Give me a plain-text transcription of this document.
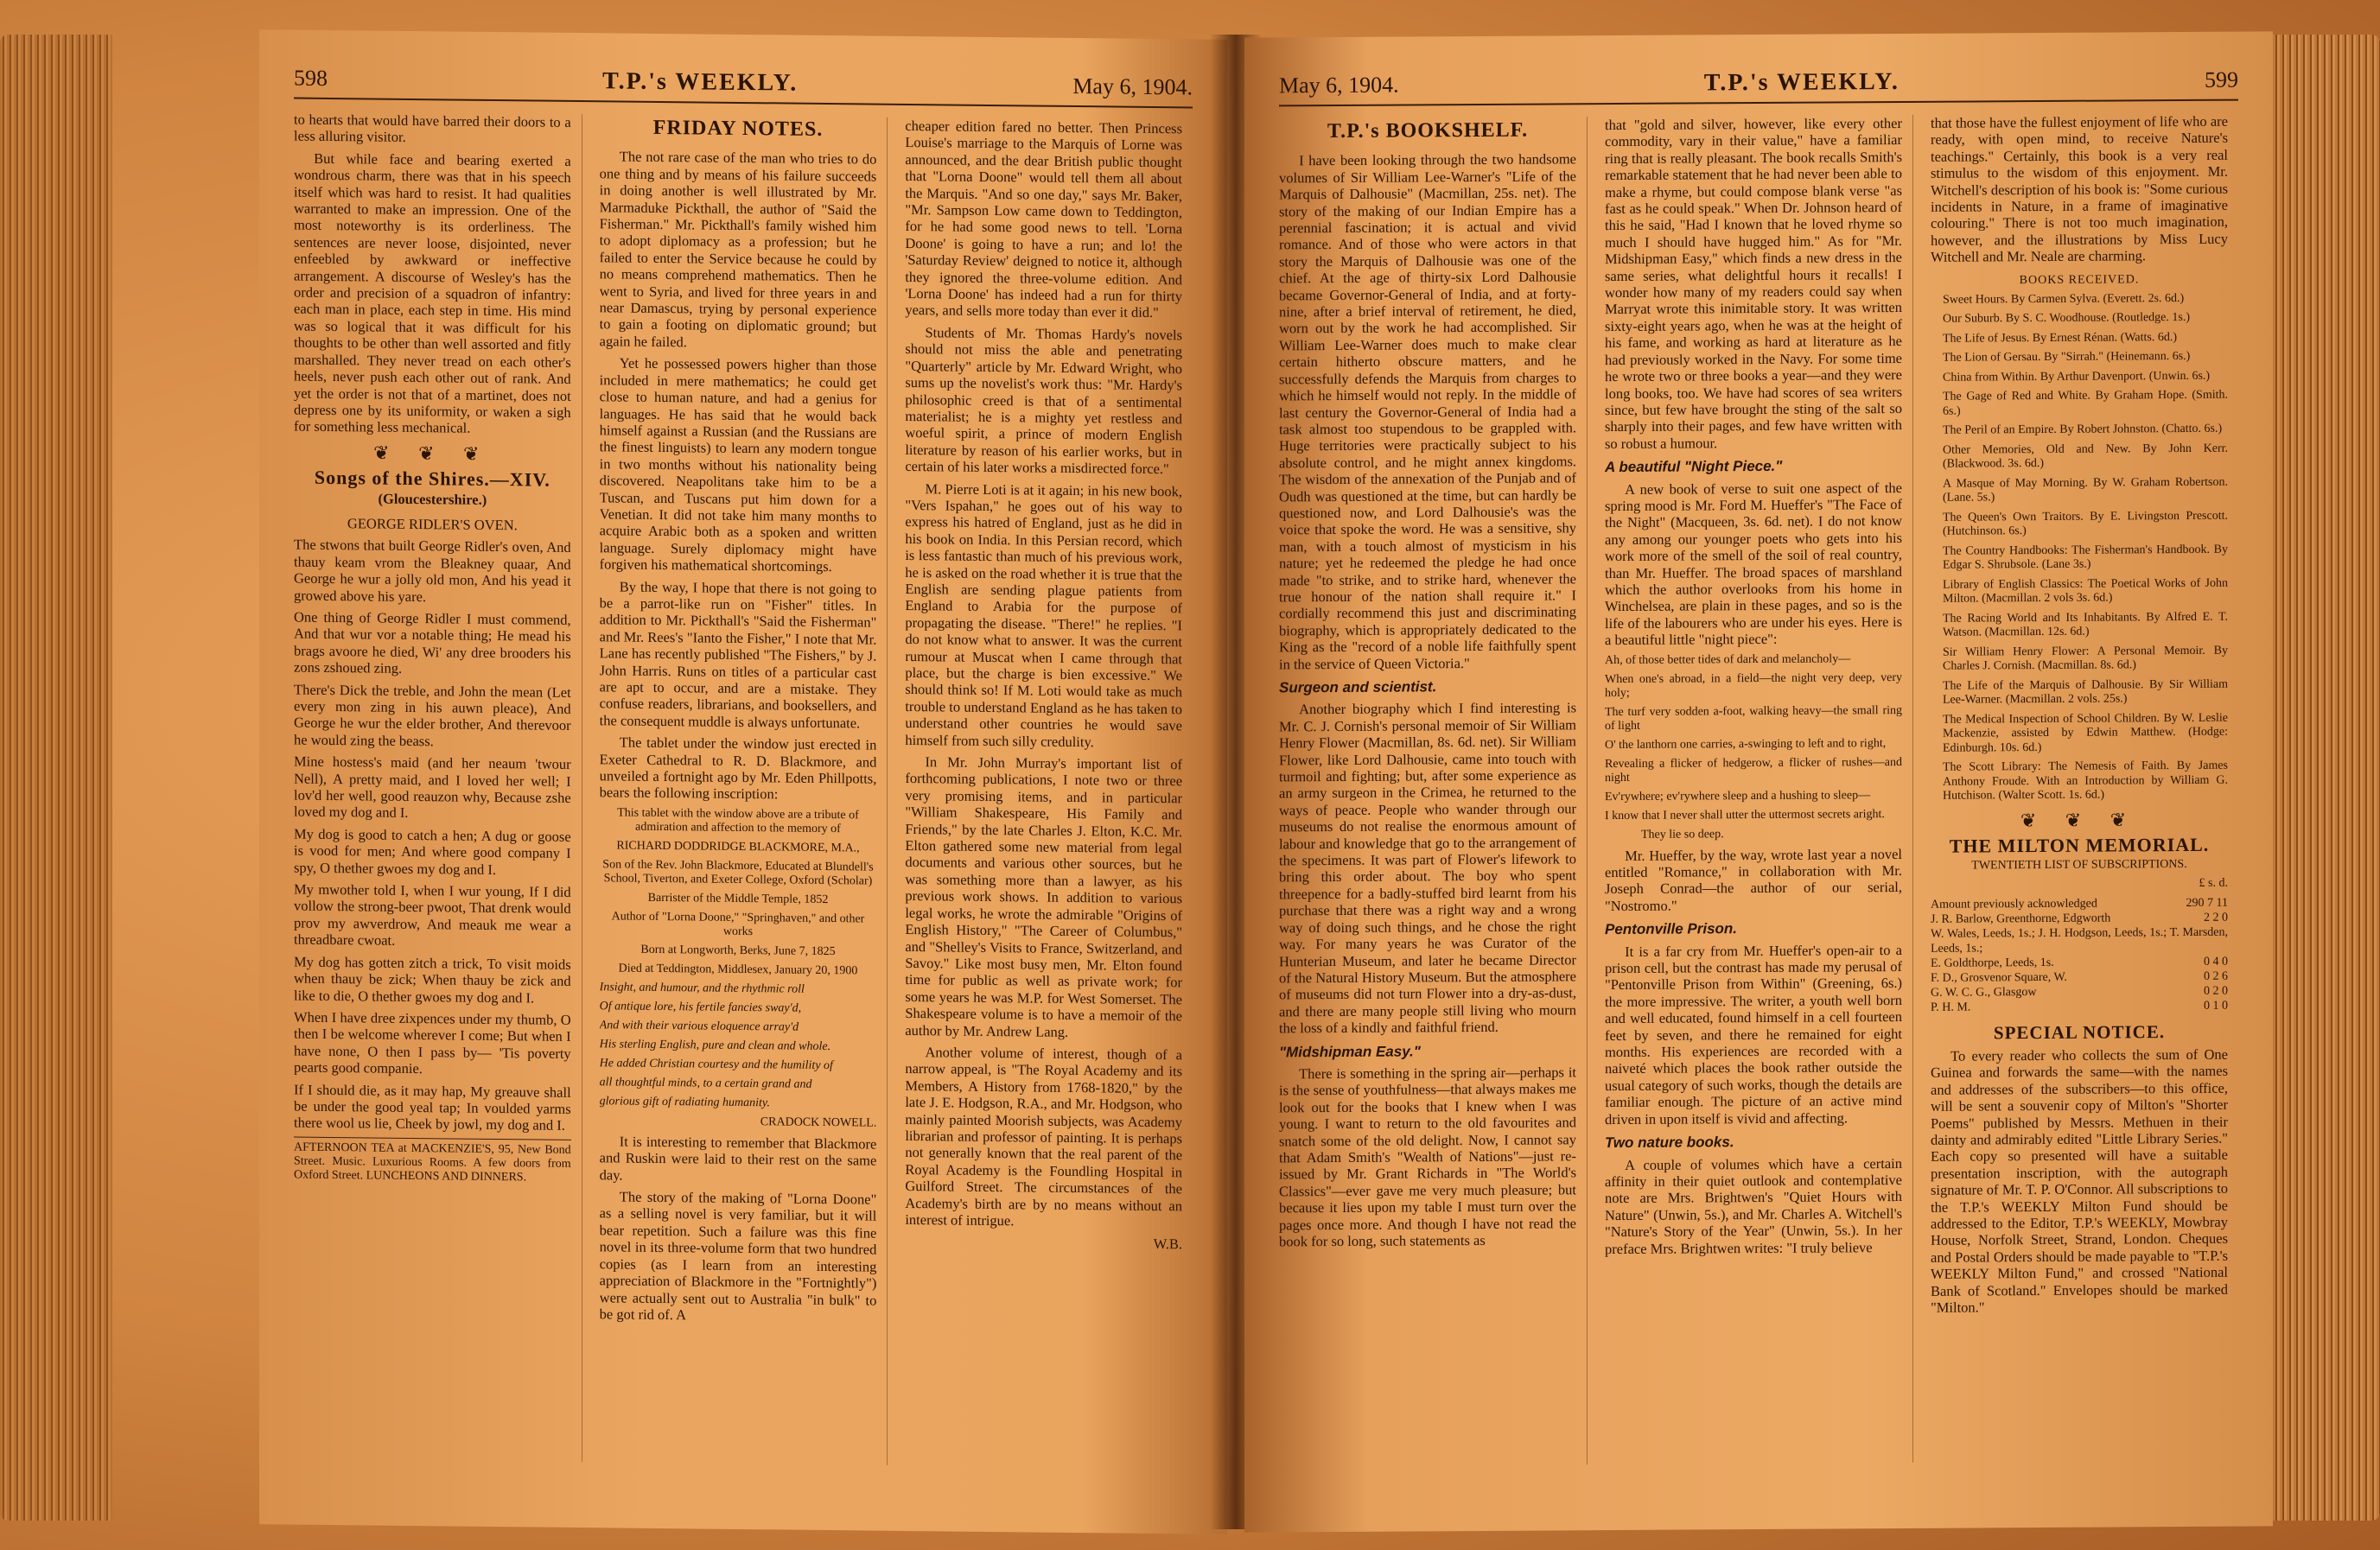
598	T.P.'s WEEKLY.	May 6, 1904.

to hearts that would have barred their doors to a less alluring visitor.

But while face and bearing exerted a wondrous charm, there was that in his speech itself which was hard to resist. It had qualities warranted to make an impression. One of the most noteworthy is its orderliness. The sentences are never loose, disjointed, never enfeebled by awkward or ineffective arrangement. A discourse of Wesley's has the order and precision of a squadron of infantry: each man in place, each step in time. His mind was so logical that it was difficult for his thoughts to be other than well assorted and fitly marshalled. They never tread on each other's heels, never push each other out of rank. And yet the order is not that of a martinet, does not depress one by its uniformity, or waken a sigh for something less mechanical.

❦ ❦ ❦
Songs of the Shires.—XIV.

(Gloucestershire.)

GEORGE RIDLER'S OVEN.

The stwons that built George Ridler's oven, And thauy keam vrom the Bleakney quaar, And George he wur a jolly old mon, And his yead it growed above his yare.

One thing of George Ridler I must commend, And that wur vor a notable thing; He mead his brags avoore he died, Wi' any dree brooders his zons zshoued zing.

There's Dick the treble, and John the mean (Let every mon zing in his auwn pleace), And George he wur the elder brother, And therevoor he would zing the beass.

Mine hostess's maid (and her neaum 'twour Nell), A pretty maid, and I loved her well; I lov'd her well, good reauzon why, Because zshe loved my dog and I.

My dog is good to catch a hen; A dug or goose is vood for men; And where good company I spy, O thether gwoes my dog and I.

My mwother told I, when I wur young, If I did vollow the strong-beer pwoot, That drenk would prov my awverdrow, And meauk me wear a threadbare cwoat.

My dog has gotten zitch a trick, To visit moids when thauy be zick; When thauy be zick and like to die, O thether gwoes my dog and I.

When I have dree zixpences under my thumb, O then I be welcome wherever I come; But when I have none, O then I pass by— 'Tis poverty pearts good companie.

If I should die, as it may hap, My greauve shall be under the good yeal tap; In voulded yarms there wool us lie, Cheek by jowl, my dog and I.

AFTERNOON TEA at MACKENZIE'S, 95, New Bond Street. Music. Luxurious Rooms. A few doors from Oxford Street. LUNCHEONS AND DINNERS.

FRIDAY NOTES.

The not rare case of the man who tries to do one thing and by means of his failure succeeds in doing another is well illustrated by Mr. Marmaduke Pickthall, the author of "Said the Fisherman." Mr. Pickthall's family wished him to adopt diplomacy as a profession; but he failed to enter the Service because he could by no means comprehend mathematics. Then he went to Syria, and lived for three years in and near Damascus, trying by personal experience to gain a footing on diplomatic ground; but again he failed.

Yet he possessed powers higher than those included in mere mathematics; he could get close to human nature, and had a genius for languages. He has said that he would back himself against a Russian (and the Russians are the finest linguists) to learn any modern tongue in two months without his nationality being discovered. Neapolitans take him to be a Tuscan, and Tuscans put him down for a Venetian. It did not take him many months to acquire Arabic both as a spoken and written language. Surely diplomacy might have forgiven his mathematical shortcomings.

By the way, I hope that there is not going to be a parrot-like run on "Fisher" titles. In addition to Mr. Pickthall's "Said the Fisherman" and Mr. Rees's "Ianto the Fisher," I note that Mr. Lane has recently published "The Fishers," by J. John Harris. Runs on titles of a particular cast are apt to occur, and are a mistake. They confuse readers, librarians, and booksellers, and the consequent muddle is always unfortunate.

The tablet under the window just erected in Exeter Cathedral to R. D. Blackmore, and unveiled a fortnight ago by Mr. Eden Phillpotts, bears the following inscription:

This tablet with the window above are a tribute of admiration and affection to the memory of

RICHARD DODDRIDGE BLACKMORE, M.A.,

Son of the Rev. John Blackmore, Educated at Blundell's School, Tiverton, and Exeter College, Oxford (Scholar)

Barrister of the Middle Temple, 1852

Author of "Lorna Doone," "Springhaven," and other works

Born at Longworth, Berks, June 7, 1825

Died at Teddington, Middlesex, January 20, 1900

Insight, and humour, and the rhythmic roll

Of antique lore, his fertile fancies sway'd,

And with their various eloquence array'd

His sterling English, pure and clean and whole.

He added Christian courtesy and the humility of

all thoughtful minds, to a certain grand and

glorious gift of radiating humanity.

CRADOCK NOWELL.

It is interesting to remember that Blackmore and Ruskin were laid to their rest on the same day.

The story of the making of "Lorna Doone" as a selling novel is very familiar, but it will bear repetition. Such a failure was this fine novel in its three-volume form that two hundred copies (as I learn from an interesting appreciation of Blackmore in the "Fortnightly") were actually sent out to Australia "in bulk" to be got rid of. A

cheaper edition fared no better. Then Princess Louise's marriage to the Marquis of Lorne was announced, and the dear British public thought that "Lorna Doone" would tell them all about the Marquis. "And so one day," says Mr. Baker, "Mr. Sampson Low came down to Teddington, for he had some good news to tell. 'Lorna Doone' is going to have a run; and lo! the 'Saturday Review' deigned to notice it, although they ignored the three-volume edition. And 'Lorna Doone' has indeed had a run for thirty years, and sells more today than ever it did."

Students of Mr. Thomas Hardy's novels should not miss the able and penetrating "Quarterly" article by Mr. Edward Wright, who sums up the novelist's work thus: "Mr. Hardy's philosophic creed is that of a sentimental materialist; he is a mighty yet restless and woeful spirit, a prince of modern English literature by reason of his earlier works, but in certain of his later works a misdirected force."

M. Pierre Loti is at it again; in his new book, "Vers Ispahan," he goes out of his way to express his hatred of England, just as he did in his book on India. In this Persian record, which is less fantastic than much of his previous work, he is asked on the road whether it is true that the English are sending plague patients from England to Arabia for the purpose of propagating the disease. "There!" he replies. "I do not know what to answer. It was the current rumour at Muscat when I came through that place, but the charge is bien excessive." We should think so! If M. Loti would take as much trouble to understand England as he has taken to understand other countries he would save himself from such silly credulity.

In Mr. John Murray's important list of forthcoming publications, I note two or three very promising items, and in particular "William Shakespeare, His Family and Friends," by the late Charles J. Elton, K.C. Mr. Elton gathered some new material from legal documents and various other sources, but he was something more than a lawyer, as his previous work shows. In addition to various legal works, he wrote the admirable "Origins of English History," "The Career of Columbus," and "Shelley's Visits to France, Switzerland, and Savoy." Like most busy men, Mr. Elton found time for public as well as private work; for some years he was M.P. for West Somerset. The Shakespeare volume is to have a memoir of the author by Mr. Andrew Lang.

Another volume of interest, though of a narrow appeal, is "The Royal Academy and its Members, A History from 1768-1820," by the late J. E. Hodgson, R.A., and Mr. Hodgson, who mainly painted Moorish subjects, was Academy librarian and professor of painting. It is perhaps not generally known that the real parent of the Royal Academy is the Foundling Hospital in Guilford Street. The circumstances of the Academy's birth are by no means without an interest of intrigue.

W.B.

May 6, 1904.	T.P.'s WEEKLY.	599
T.P.'s BOOKSHELF.

I have been looking through the two handsome volumes of Sir William Lee-Warner's "Life of the Marquis of Dalhousie" (Macmillan, 25s. net). The story of the making of our Indian Empire has a perennial fascination; it is actual and vivid romance. And of those who were actors in that story the Marquis of Dalhousie was one of the chief. At the age of thirty-six Lord Dalhousie became Governor-General of India, and at forty-nine, after a brief interval of retirement, he died, worn out by the work he had accomplished. Sir William Lee-Warner does much to make clear certain hitherto obscure matters, and he successfully defends the Marquis from charges to which he himself would not reply. In the middle of last century the Governor-General of India had a task almost too stupendous to be grappled with. Huge territories were practically subject to his absolute control, and he might annex kingdoms. The wisdom of the annexation of the Punjab and of Oudh was questioned at the time, but can hardly be questioned now, and Lord Dalhousie's was the voice that spoke the word. He was a sensitive, shy man, with a touch almost of mysticism in his nature; yet he redeemed the pledge he had once made "to strike, and to strike hard, whenever the true honour of the nation shall require it." I cordially recommend this just and discriminating biography, which is appropriately dedicated to the King as the "record of a noble life faithfully spent in the service of Queen Victoria."

Surgeon and scientist.

Another biography which I find interesting is Mr. C. J. Cornish's personal memoir of Sir William Henry Flower (Macmillan, 8s. 6d. net). Sir William Flower, like Lord Dalhousie, came into touch with turmoil and fighting; but, after some experience as an army surgeon in the Crimea, he returned to the ways of peace. People who wander through our museums do not realise the enormous amount of labour and knowledge that go to the arrangement of the specimens. It was part of Flower's lifework to bring this order about. The boy who spent threepence for a badly-stuffed bird learnt from his purchase that there was a right way and a wrong way of doing such things, and he chose the right way. For many years he was Curator of the Hunterian Museum, and later he became Director of the Natural History Museum. But the atmosphere of museums did not turn Flower into a dry-as-dust, and there are many people still living who mourn the loss of a kindly and faithful friend.

"Midshipman Easy."

There is something in the spring air—perhaps it is the sense of youthfulness—that always makes me look out for the books that I knew when I was young. I want to return to the old favourites and snatch some of the old delight. Now, I cannot say that Adam Smith's "Wealth of Nations"—just re-issued by Mr. Grant Richards in "The World's Classics"—ever gave me very much pleasure; but because it lies upon my table I must turn over the pages once more. And though I have not read the book for so long, such statements as

that "gold and silver, however, like every other commodity, vary in their value," have a familiar ring that is really pleasant. The book recalls Smith's remarkable statement that he had never been able to make a rhyme, but could compose blank verse "as fast as he could speak." When Dr. Johnson heard of this he said, "Had I known that he loved rhyme so much I should have hugged him." As for "Mr. Midshipman Easy," which finds a new dress in the same series, what delightful hours it recalls! I wonder how many of my readers could say when Marryat wrote this inimitable story. It was written sixty-eight years ago, when he was at the height of his fame, and working as hard at literature as he had previously worked in the Navy. For some time he wrote two or three books a year—and they were long books, too. We have had scores of sea writers since, but few have brought the sting of the salt so sharply into their pages, and few have written with so robust a humour.

A beautiful "Night Piece."

A new book of verse to suit one aspect of the spring mood is Mr. Ford M. Hueffer's "The Face of the Night" (Macqueen, 3s. 6d. net). I do not know any among our younger poets who gets into his work more of the smell of the soil of real country, than Mr. Hueffer. The broad spaces of marshland which the author overlooks from his home in Winchelsea, are plain in these pages, and so is the life of the labourers who are under his eyes. Here is a beautiful little "night piece":

Ah, of those better tides of dark and melancholy—

When one's abroad, in a field—the night very deep, very holy;

The turf very sodden a-foot, walking heavy—the small ring of light

O' the lanthorn one carries, a-swinging to left and to right,

Revealing a flicker of hedgerow, a flicker of rushes—and night

Ev'rywhere; ev'rywhere sleep and a hushing to sleep—

I know that I never shall utter the uttermost secrets aright.

They lie so deep.

Mr. Hueffer, by the way, wrote last year a novel entitled "Romance," in collaboration with Mr. Joseph Conrad—the author of our serial, "Nostromo."

Pentonville Prison.

It is a far cry from Mr. Hueffer's open-air to a prison cell, but the contrast has made my perusal of "Pentonville Prison from Within" (Greening, 6s.) the more impressive. The writer, a youth well born and well educated, found himself in a cell fourteen feet by seven, and there he remained for eight months. His experiences are recorded with a naiveté which places the book rather outside the usual category of such works, though the details are familiar enough. The picture of an active mind driven in upon itself is vivid and affecting.

Two nature books.

A couple of volumes which have a certain affinity in their quiet outlook and contemplative note are Mrs. Brightwen's "Quiet Hours with Nature" (Unwin, 5s.), and Mr. Charles A. Witchell's "Nature's Story of the Year" (Unwin, 5s.). In her preface Mrs. Brightwen writes: "I truly believe

that those have the fullest enjoyment of life who are ready, with open mind, to receive Nature's teachings." Certainly, this book is a very real stimulus to the wisdom of this enjoyment. Mr. Witchell's description of his book is: "Some curious incidents in Nature, in a frame of imaginative colouring." There is not too much imagination, however, and the illustrations by Miss Lucy Witchell and Mr. Neale are charming.

BOOKS RECEIVED.

Sweet Hours. By Carmen Sylva. (Everett. 2s. 6d.)

Our Suburb. By S. C. Woodhouse. (Routledge. 1s.)

The Life of Jesus. By Ernest Rénan. (Watts. 6d.)

The Lion of Gersau. By "Sirrah." (Heinemann. 6s.)

China from Within. By Arthur Davenport. (Unwin. 6s.)

The Gage of Red and White. By Graham Hope. (Smith. 6s.)

The Peril of an Empire. By Robert Johnston. (Chatto. 6s.)

Other Memories, Old and New. By John Kerr. (Blackwood. 3s. 6d.)

A Masque of May Morning. By W. Graham Robertson. (Lane. 5s.)

The Queen's Own Traitors. By E. Livingston Prescott. (Hutchinson. 6s.)

The Country Handbooks: The Fisherman's Handbook. By Edgar S. Shrubsole. (Lane 3s.)

Library of English Classics: The Poetical Works of John Milton. (Macmillan. 2 vols 3s. 6d.)

The Racing World and Its Inhabitants. By Alfred E. T. Watson. (Macmillan. 12s. 6d.)

Sir William Henry Flower: A Personal Memoir. By Charles J. Cornish. (Macmillan. 8s. 6d.)

The Life of the Marquis of Dalhousie. By Sir William Lee-Warner. (Macmillan. 2 vols. 25s.)

The Medical Inspection of School Children. By W. Leslie Mackenzie, assisted by Edwin Matthew. (Hodge: Edinburgh. 10s. 6d.)

The Scott Library: The Nemesis of Faith. By James Anthony Froude. With an Introduction by William G. Hutchison. (Walter Scott. 1s. 6d.)

❦ ❦ ❦
THE MILTON MEMORIAL.

TWENTIETH LIST OF SUBSCRIPTIONS.

£ s. d.

Amount previously acknowledged	290 7 11
J. R. Barlow, Greenthorne, Edgworth	2 2 0
W. Wales, Leeds, 1s.; J. H. Hodgson, Leeds, 1s.; T. Marsden, Leeds, 1s.;
E. Goldthorpe, Leeds, 1s.	0 4 0
F. D., Grosvenor Square, W.	0 2 6
G. W. C. G., Glasgow	0 2 0
P. H. M.	0 1 0
SPECIAL NOTICE.

To every reader who collects the sum of One Guinea and forwards the same—with the names and addresses of the subscribers—to this office, will be sent a souvenir copy of Milton's "Shorter Poems" published by Messrs. Methuen in their dainty and admirably edited "Little Library Series." Each copy so presented will have a suitable presentation inscription, with the autograph signature of Mr. T. P. O'Connor. All subscriptions to the T.P.'s WEEKLY Milton Fund should be addressed to the Editor, T.P.'s WEEKLY, Mowbray House, Norfolk Street, Strand, London. Cheques and Postal Orders should be made payable to "T.P.'s WEEKLY Milton Fund," and crossed "National Bank of Scotland." Envelopes should be marked "Milton."
